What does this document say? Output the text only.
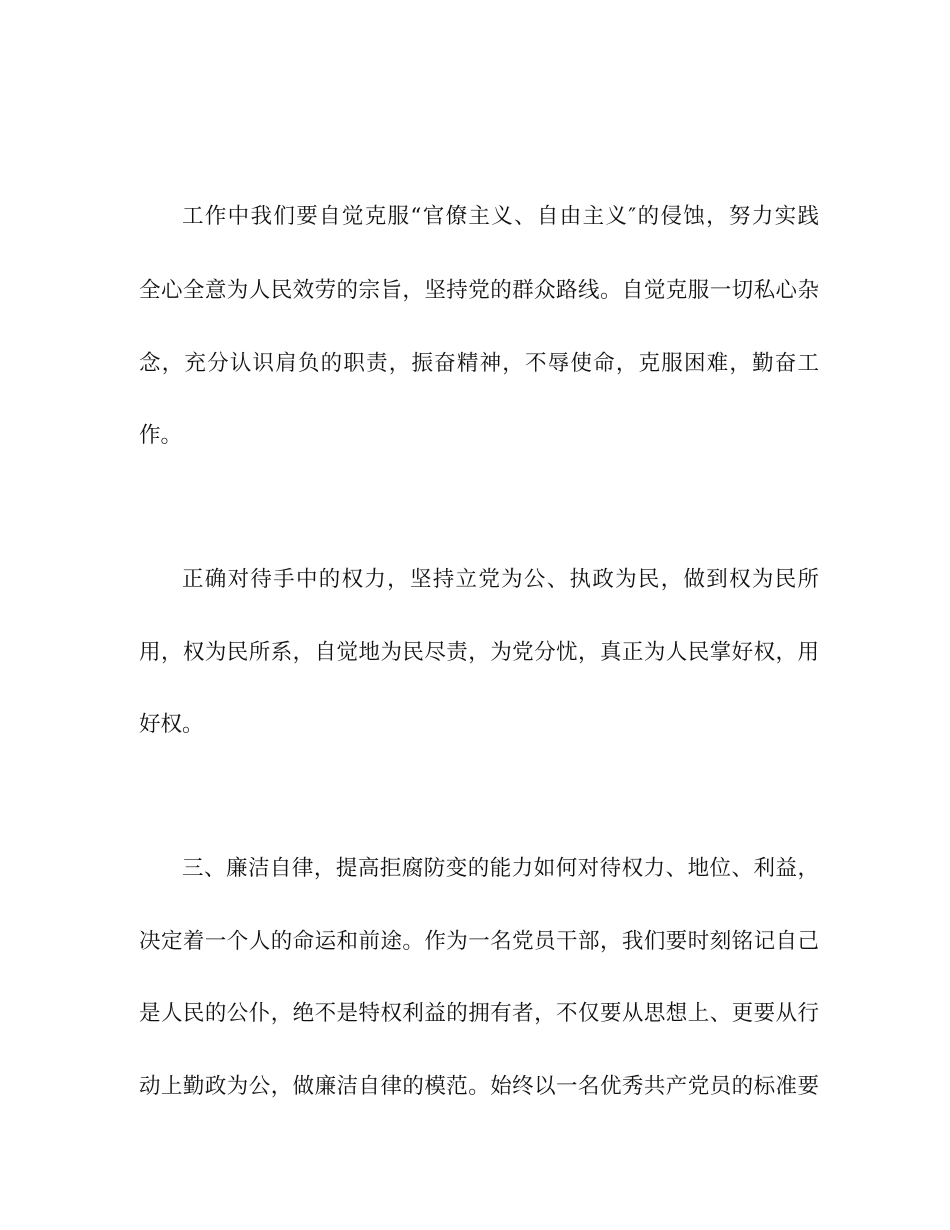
工作中我们要自觉克服“官僚主义、自由主义″的侵蚀，努力实践
全心全意为人民效劳的宗旨，坚持党的群众路线。自觉克服一切私心杂
念，充分认识肩负的职责，振奋精神，不辱使命，克服困难，勤奋工
作。
正确对待手中的权力，坚持立党为公、执政为民，做到权为民所
用，权为民所系，自觉地为民尽责，为党分忧，真正为人民掌好权，用
好权。
三、廉洁自律，提高拒腐防变的能力如何对待权力、地位、利益，
决定着一个人的命运和前途。作为一名党员干部，我们要时刻铭记自己
是人民的公仆，绝不是特权利益的拥有者，不仅要从思想上、更要从行
动上勤政为公，做廉洁自律的模范。始终以一名优秀共产党员的标准要
